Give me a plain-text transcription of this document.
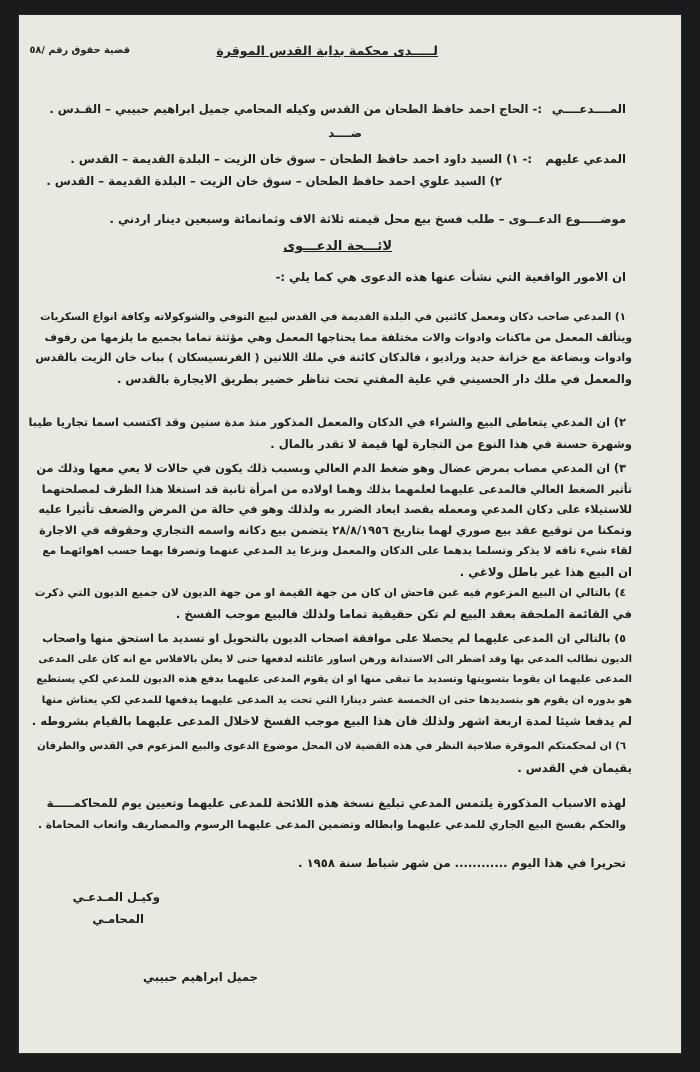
لـــــدى محكمة بداية القدس الموقرة
قضية حقوق رقم /٥٨
المــــدعــــي
:- الحاج احمد حافظ الطحان من القدس وكيله المحامي جميل ابراهيم حبيبي – القـدس .
ضــــد
المدعي عليهم
:- ١) السيد داود احمد حافظ الطحان – سوق خان الزيت – البلدة القديمة – القدس .
٢) السيد علوي احمد حافظ الطحان – سوق خان الزيت – البلدة القديمة – القدس .
موضـــــوع الدعـــوى – طلب فسخ بيع محل قيمته ثلاثة الاف وثمانمائة وسبعين دينار اردني .
لائـــحة الدعـــوى
ان الامور الواقعية التي نشأت عنها هذه الدعوى هي كما يلي :-
١) المدعي صاحب دكان ومعمل كائنين في البلدة القديمة في القدس لبيع التوفي والشوكولاته وكافة انواع السكريات
ويتألف المعمل من ماكنات وادوات والات مختلفة مما يحتاجها المعمل وهي مؤثثة تماما بجميع ما يلزمها من رفوف
وادوات وبضاعة مع خزانة حديد وراديو ، فالدكان كائنة في ملك اللاتين ( الفرنسيسكان ) بباب خان الزيت بالقدس
والمعمل في ملك دار الحسيني في علية المفتي تحت تناظر خضير بطريق الايجارة بالقدس .
٢) ان المدعي يتعاطى البيع والشراء في الدكان والمعمل المذكور منذ مدة سنين وقد اكتسب اسما تجاريا طيبا
وشهرة حسنة في هذا النوع من التجارة لها قيمة لا تقدر بالمال .
٣) ان المدعي مصاب بمرض عضال وهو ضغط الدم العالي وبسبب ذلك يكون في حالات لا يعي معها وذلك من
تأثير الضغط العالي فالمدعى عليهما لعلمهما بذلك وهما اولاده من امرأة ثانية قد استغلا هذا الظرف لمصلحتهما
للاستيلاء على دكان المدعي ومعمله بقصد ابعاد الضرر به ولذلك وهو في حالة من المرض والضعف تأثيرا عليه
وتمكنا من توقيع عقد بيع صوري لهما بتاريخ ٢٨/٨/١٩٥٦ يتضمن بيع دكانه واسمه التجاري وحقوقه في الاجارة
لقاء شيء تافه لا يذكر وتسلما يدهما على الدكان والمعمل ونزعا يد المدعي عنهما وتصرفا بهما حسب اهوائهما مع
ان البيع هذا غير باطل ولاغي .
٤) بالتالي ان البيع المزعوم فيه غبن فاحش ان كان من جهة القيمة او من جهة الديون لان جميع الديون التي ذكرت
في القائمة الملحقة بعقد البيع لم تكن حقيقية تماما ولذلك فالبيع موجب الفسخ .
٥) بالتالي ان المدعى عليهما لم يحصلا على موافقة اصحاب الديون بالتحويل او تسديد ما استحق منها واصحاب
الديون تطالب المدعي بها وقد اضطر الى الاستدانة ورهن اساور عائلته لدفعها حتى لا يعلن بالافلاس مع انه كان على المدعى
المدعى عليهما ان يقوما بتسويتها وتسديد ما تبقى منها او ان يقوم المدعى عليهما بدفع هذه الديون للمدعي لكي يستطيع
هو بدوره ان يقوم هو بتسديدها حتى ان الخمسة عشر دينارا التي تحت يد المدعى عليهما يدفعها للمدعي لكي يعتاش منها
لم يدفعا شيئا لمدة اربعة اشهر ولذلك فان هذا البيع موجب الفسخ لاخلال المدعى عليهما بالقيام بشروطه .
٦) ان لمحكمتكم الموقرة صلاحية النظر في هذه القضية لان المحل موضوع الدعوى والبيع المزعوم في القدس والطرفان
يقيمان في القدس .
لهذه الاسباب المذكورة يلتمس المدعي تبليغ نسخة هذه اللائحة للمدعى عليهما وتعيين يوم للمحاكمـــــة
والحكم بفسخ البيع الجاري للمدعي عليهما وابطاله وتضمين المدعى عليهما الرسوم والمصاريف واتعاب المحاماة .
تحريرا في هذا اليوم ............ من شهر شباط سنة ١٩٥٨ .
وكيـل المـدعـي
المحامـي
جميل ابراهيم حبيبي
